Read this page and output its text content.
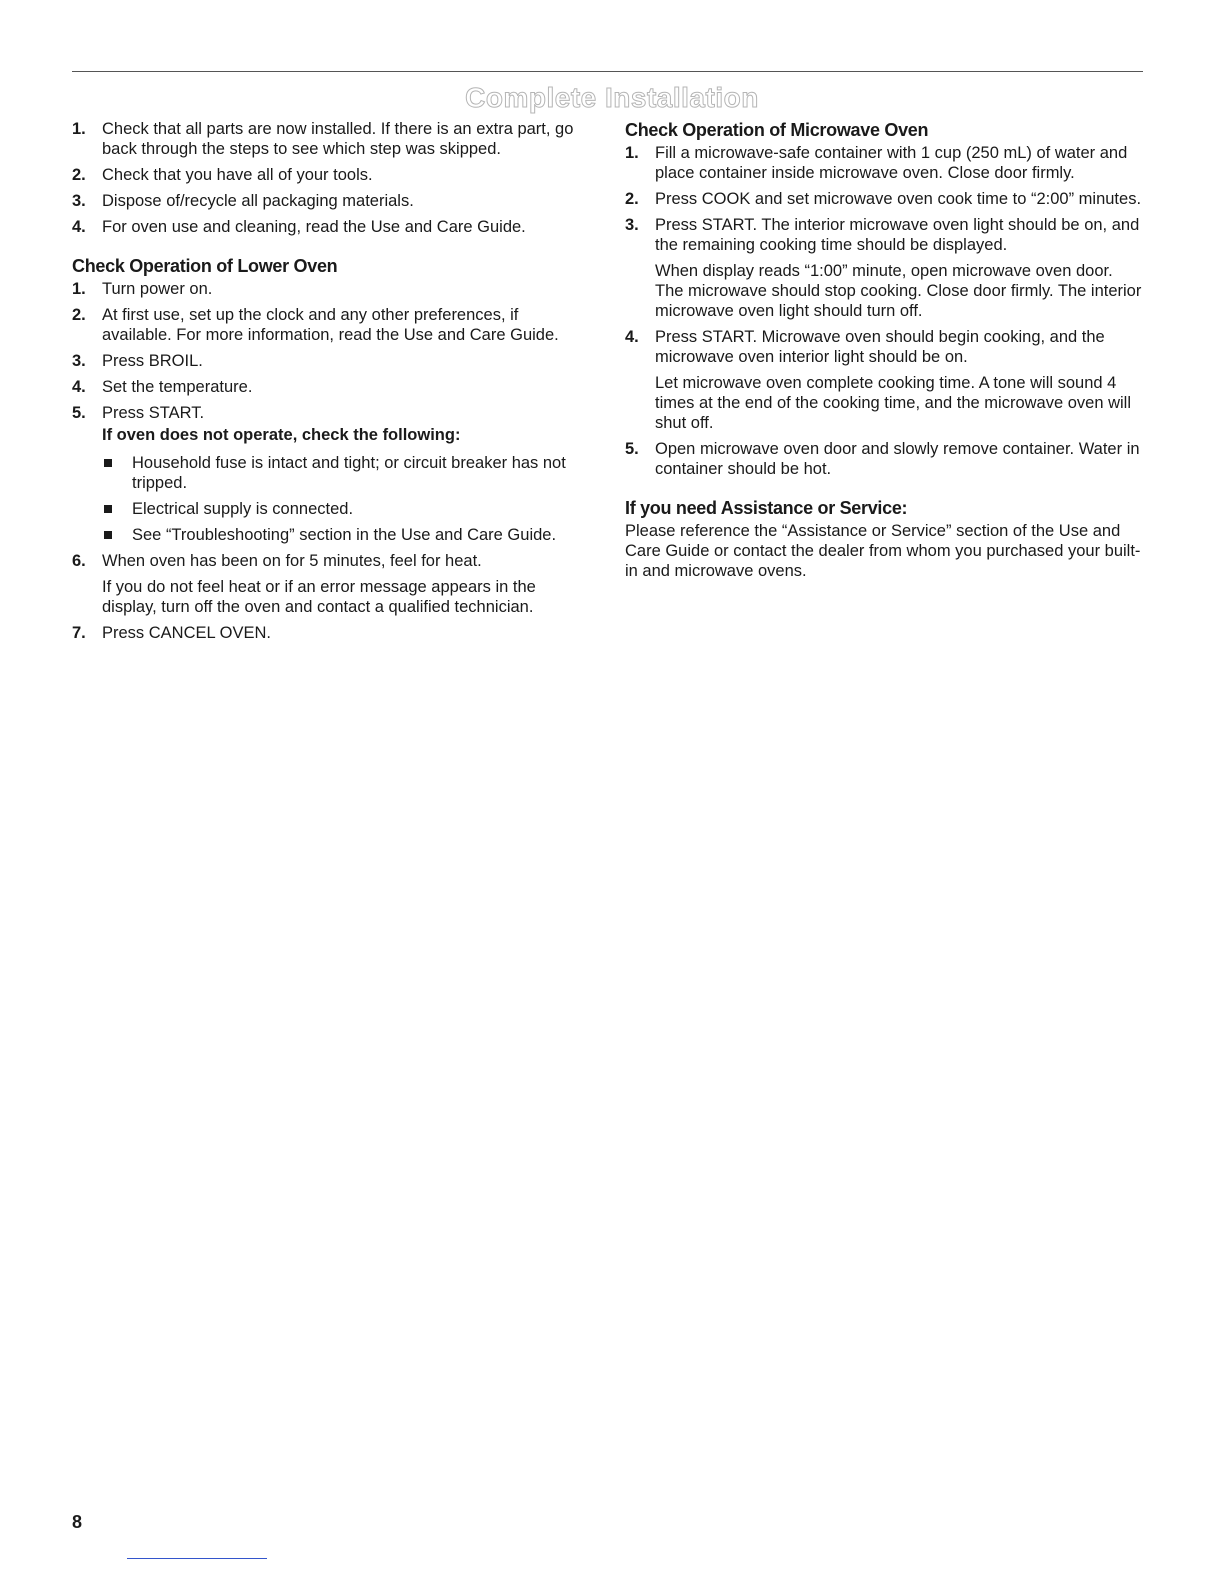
Complete Installation
1. Check that all parts are now installed. If there is an extra part, go back through the steps to see which step was skipped.
2. Check that you have all of your tools.
3. Dispose of/recycle all packaging materials.
4. For oven use and cleaning, read the Use and Care Guide.
Check Operation of Lower Oven
1. Turn power on.
2. At first use, set up the clock and any other preferences, if available. For more information, read the Use and Care Guide.
3. Press BROIL.
4. Set the temperature.
5. Press START.
If oven does not operate, check the following:
Household fuse is intact and tight; or circuit breaker has not tripped.
Electrical supply is connected.
See “Troubleshooting” section in the Use and Care Guide.
6. When oven has been on for 5 minutes, feel for heat.
If you do not feel heat or if an error message appears in the display, turn off the oven and contact a qualified technician.
7. Press CANCEL OVEN.
Check Operation of Microwave Oven
1. Fill a microwave-safe container with 1 cup (250 mL) of water and place container inside microwave oven. Close door firmly.
2. Press COOK and set microwave oven cook time to “2:00” minutes.
3. Press START. The interior microwave oven light should be on, and the remaining cooking time should be displayed.
When display reads “1:00” minute, open microwave oven door. The microwave should stop cooking. Close door firmly. The interior microwave oven light should turn off.
4. Press START. Microwave oven should begin cooking, and the microwave oven interior light should be on.
Let microwave oven complete cooking time. A tone will sound 4 times at the end of the cooking time, and the microwave oven will shut off.
5. Open microwave oven door and slowly remove container. Water in container should be hot.
If you need Assistance or Service:

Please reference the “Assistance or Service” section of the Use and Care Guide or contact the dealer from whom you purchased your built-in and microwave ovens.

8
